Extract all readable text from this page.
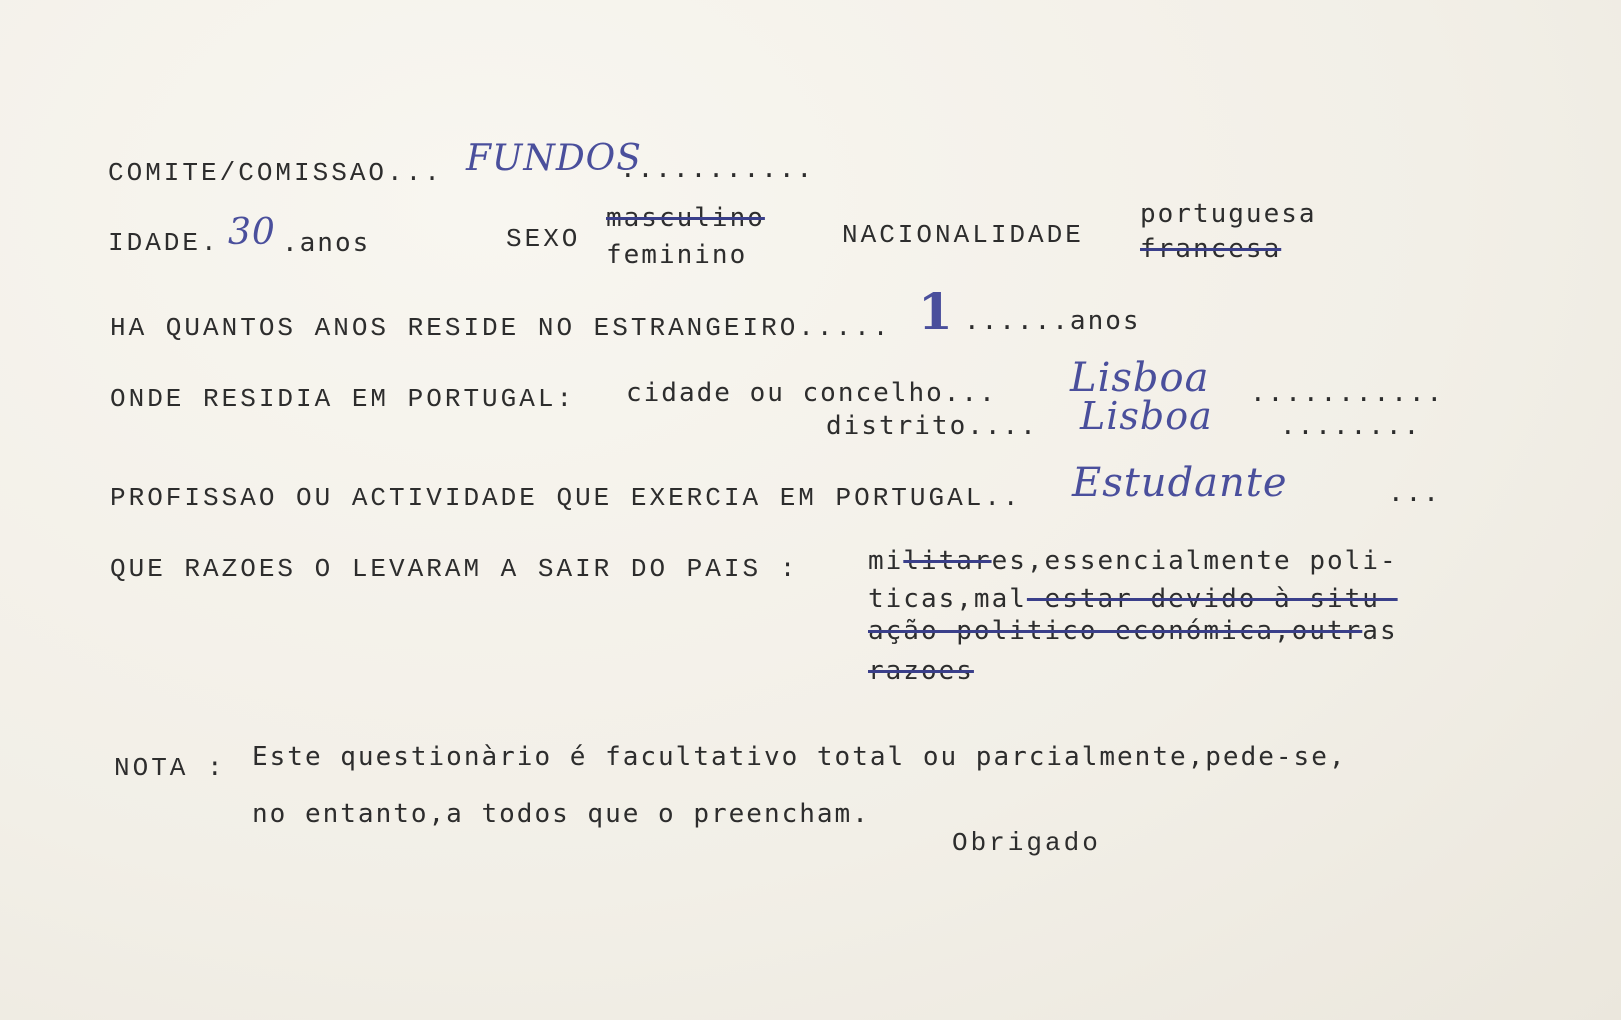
COMITE/COMISSAO... FUNDOS
...........
IDADE. 30 .anos	SEXO
masculino
feminino
NACIONALIDADE
portuguesa
francesa
HA QUANTOS ANOS RESIDE NO ESTRANGEIRO..... 1 ......anos
ONDE RESIDIA EM PORTUGAL: cidade ou concelho... Lisboa ...........
distrito.... Lisboa	........
PROFISSAO OU ACTIVIDADE QUE EXERCIA EM PORTUGAL.. Estudante	...
QUE RAZOES O LEVARAM A SAIR DO PAIS :	militares,essencialmente poli-
ticas,mal-estar devido à situ-
ação politico-económica,outras
razoes
NOTA : Este questionàrio é facultativo total ou parcialmente,pede-se,
no entanto,a todos que o preencham.
Obrigado
